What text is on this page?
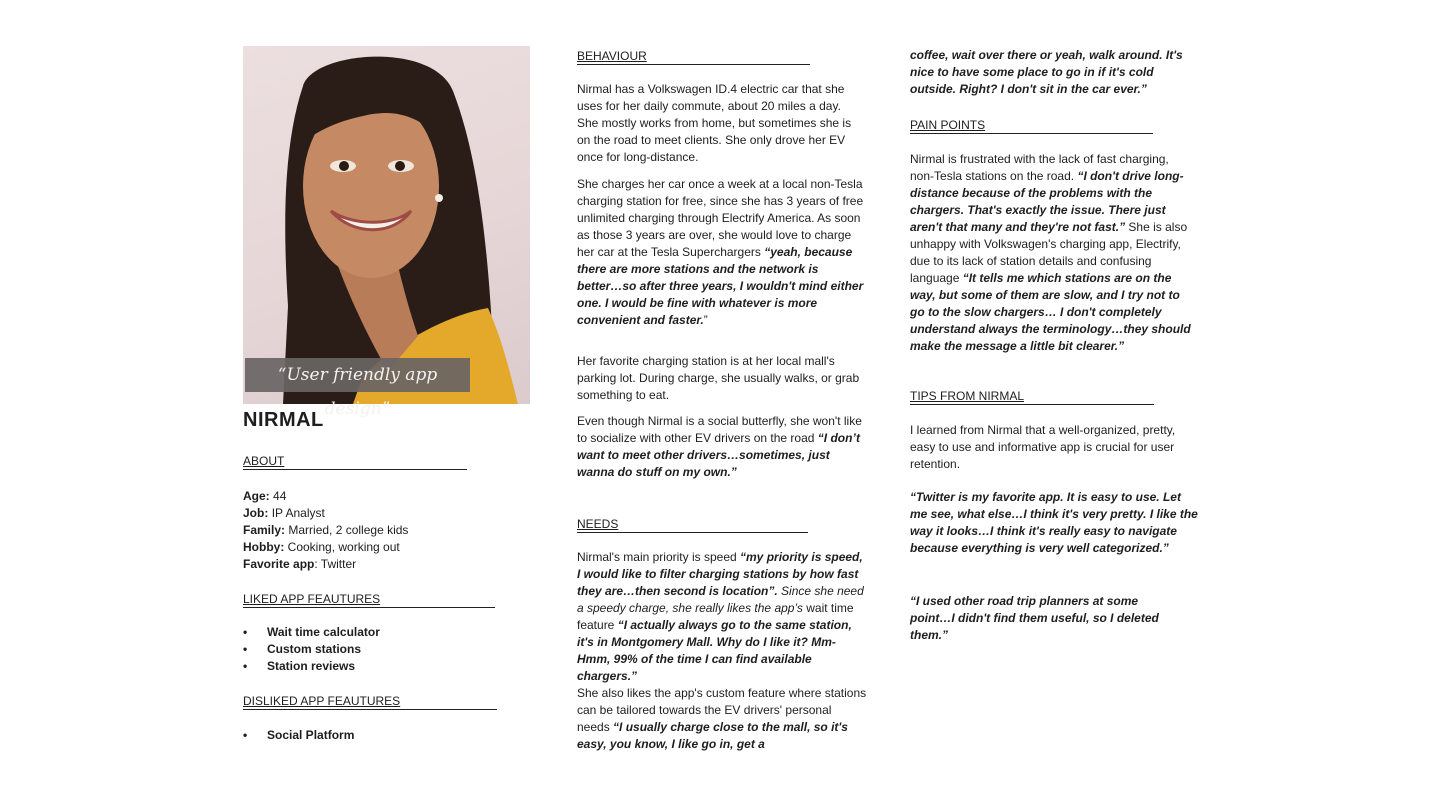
“User friendly app design”
NIRMAL
ABOUT
Age: 44
Job: IP Analyst
Family: Married, 2 college kids
Hobby: Cooking, working out
Favorite app: Twitter
LIKED APP FEAUTURES
• Wait time calculator
• Custom stations
• Station reviews
DISLIKED APP FEAUTURES
• Social Platform
BEHAVIOUR
Nirmal has a Volkswagen ID.4 electric car that she uses for her daily commute, about 20 miles a day. She mostly works from home, but sometimes she is on the road to meet clients. She only drove her EV once for long-distance.
She charges her car once a week at a local non-Tesla charging station for free, since she has 3 years of free unlimited charging through Electrify America. As soon as those 3 years are over, she would love to charge her car at the Tesla Superchargers “yeah, because there are more stations and the network is better…so after three years, I wouldn't mind either one. I would be fine with whatever is more convenient and faster.”
Her favorite charging station is at her local mall's parking lot. During charge, she usually walks, or grab something to eat.
Even though Nirmal is a social butterfly, she won't like to socialize with other EV drivers on the road “I don’t want to meet other drivers…sometimes, just wanna do stuff on my own.”
NEEDS
Nirmal's main priority is speed “my priority is speed, I would like to filter charging stations by how fast they are…then second is location”. Since she need a speedy charge, she really likes the app’s wait time feature “I actually always go to the same station, it's in Montgomery Mall. Why do I like it? Mm-Hmm, 99% of the time I can find available chargers.”
She also likes the app's custom feature where stations can be tailored towards the EV drivers' personal needs “I usually charge close to the mall, so it's easy, you know, I like go in, get a
coffee, wait over there or yeah, walk around. It's nice to have some place to go in if it's cold outside. Right? I don't sit in the car ever.”
PAIN POINTS
Nirmal is frustrated with the lack of fast charging, non-Tesla stations on the road. “I don't drive long-distance because of the problems with the chargers. That's exactly the issue. There just aren't that many and they're not fast.” She is also unhappy with Volkswagen's charging app, Electrify, due to its lack of station details and confusing language “It tells me which stations are on the way, but some of them are slow, and I try not to go to the slow chargers… I don't completely understand always the terminology…they should make the message a little bit clearer.”
TIPS FROM NIRMAL
I learned from Nirmal that a well-organized, pretty, easy to use and informative app is crucial for user retention.
“Twitter is my favorite app. It is easy to use. Let me see, what else…I think it's very pretty. I like the way it looks…I think it's really easy to navigate because everything is very well categorized.”
“I used other road trip planners at some point…I didn't find them useful, so I deleted them.”
